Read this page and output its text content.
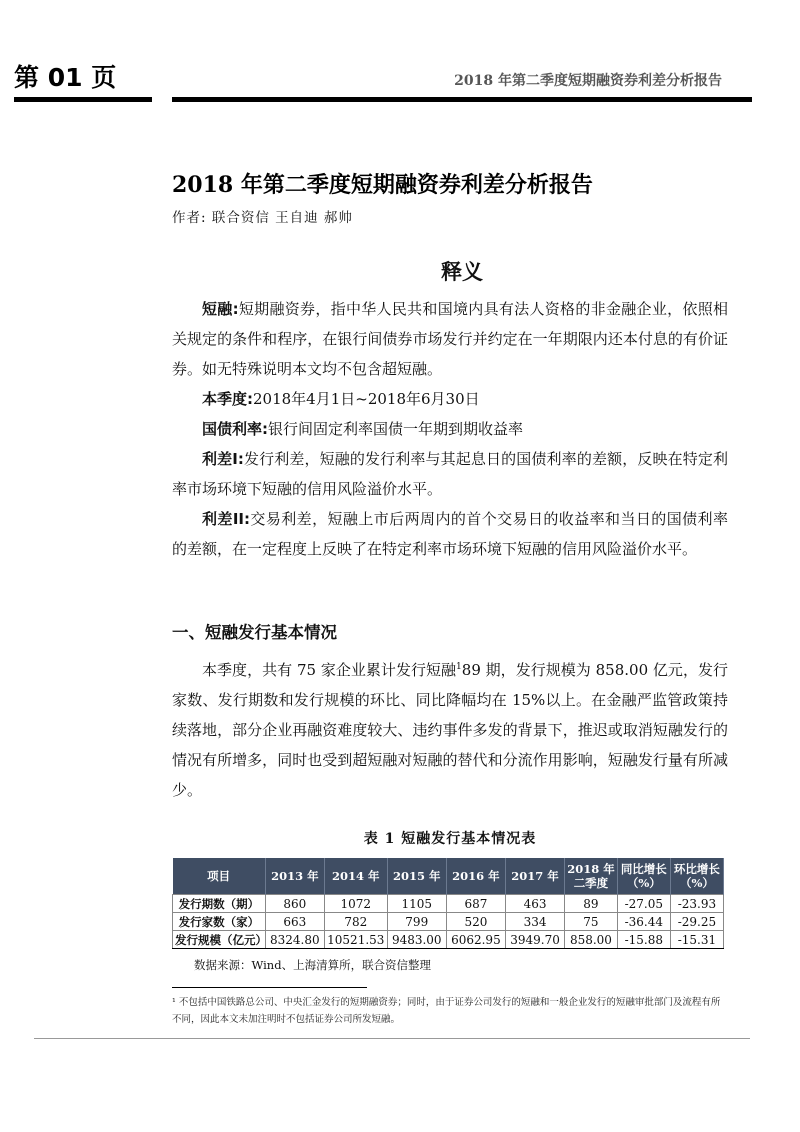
第 01 页	2018 年第二季度短期融资券利差分析报告
2018 年第二季度短期融资券利差分析报告
作者: 联合资信 王自迪 郝帅
释义

短融:短期融资券，指中华人民共和国境内具有法人资格的非金融企业，依照相关规定的条件和程序，在银行间债券市场发行并约定在一年期限内还本付息的有价证券。如无特殊说明本文均不包含超短融。

本季度:2018年4月1日~2018年6月30日

国债利率:银行间固定利率国债一年期到期收益率

利差I:发行利差，短融的发行利率与其起息日的国债利率的差额，反映在特定利率市场环境下短融的信用风险溢价水平。

利差II:交易利差，短融上市后两周内的首个交易日的收益率和当日的国债利率的差额，在一定程度上反映了在特定利率市场环境下短融的信用风险溢价水平。

一、短融发行基本情况

本季度，共有 75 家企业累计发行短融$^1$89 期，发行规模为 858.00 亿元，发行家数、发行期数和发行规模的环比、同比降幅均在 15%以上。在金融严监管政策持续落地，部分企业再融资难度较大、违约事件多发的背景下，推迟或取消短融发行的情况有所增多，同时也受到超短融对短融的替代和分流作用影响，短融发行量有所减少。

表 1 短融发行基本情况表
项目	2013 年	2014 年	2015 年	2016 年	2017 年	2018 年二季度	同比增长（%）	环比增长（%）
发行期数（期）	860	1072	1105	687	463	89	-27.05	-23.93
发行家数（家）	663	782	799	520	334	75	-36.44	-29.25
发行规模（亿元）	8324.80	10521.53	9483.00	6062.95	3949.70	858.00	-15.88	-15.31
数据来源：Wind、上海清算所，联合资信整理

¹ 不包括中国铁路总公司、中央汇金发行的短期融资券；同时，由于证券公司发行的短融和一般企业发行的短融审批部门及流程有所不同，因此本文未加注明时不包括证券公司所发短融。
